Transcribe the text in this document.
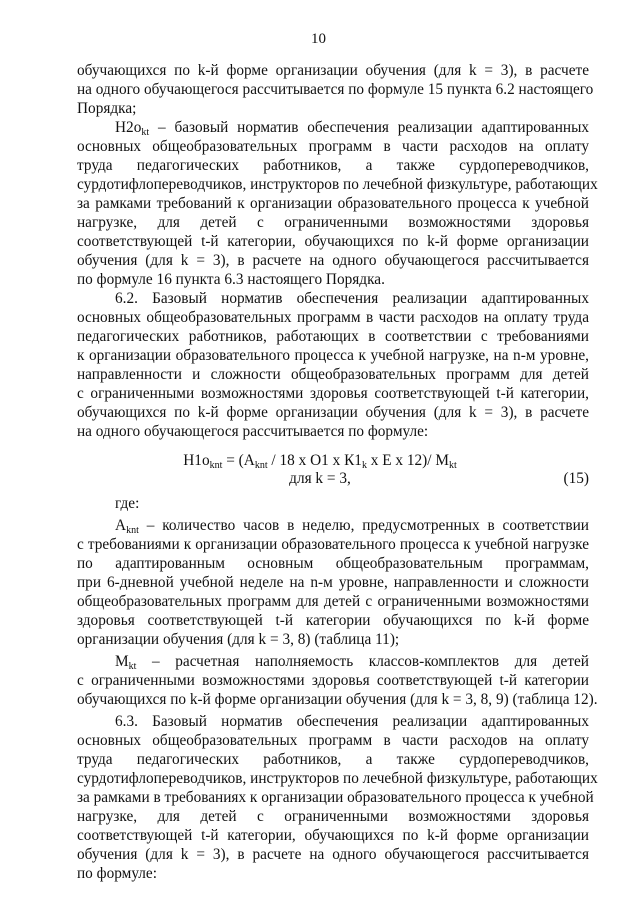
10
обучающихся по k-й форме организации обучения (для k = 3), в расчете
на одного обучающегося рассчитывается по формуле 15 пункта 6.2 настоящего
Порядка;
$Н2о_{kt}$ – базовый норматив обеспечения реализации адаптированных
основных общеобразовательных программ в части расходов на оплату
труда педагогических работников, а также сурдопереводчиков,
сурдотифлопереводчиков, инструкторов по лечебной физкультуре, работающих
за рамками требований к организации образовательного процесса к учебной
нагрузке, для детей с ограниченными возможностями здоровья
соответствующей t-й категории, обучающихся по k-й форме организации
обучения (для k = 3), в расчете на одного обучающегося рассчитывается
по формуле 16 пункта 6.3 настоящего Порядка.
6.2. Базовый норматив обеспечения реализации адаптированных
основных общеобразовательных программ в части расходов на оплату труда
педагогических работников, работающих в соответствии с требованиями
к организации образовательного процесса к учебной нагрузке, на n-м уровне,
направленности и сложности общеобразовательных программ для детей
с ограниченными возможностями здоровья соответствующей t-й категории,
обучающихся по k-й форме организации обучения (для k = 3), в расчете
на одного обучающегося рассчитывается по формуле:
$Н1о_{knt} = (А_{knt} / 18$ х О1 х $К1_k$ х Е х 12)/ $М_{kt}$
для k = 3,	(15)
где:
$А_{knt}$ – количество часов в неделю, предусмотренных в соответствии
с требованиями к организации образовательного процесса к учебной нагрузке
по адаптированным основным общеобразовательным программам,
при 6-дневной учебной неделе на n-м уровне, направленности и сложности
общеобразовательных программ для детей с ограниченными возможностями
здоровья соответствующей t-й категории обучающихся по k-й форме
организации обучения (для k = 3, 8) (таблица 11);
$М_{kt}$ – расчетная наполняемость классов-комплектов для детей
с ограниченными возможностями здоровья соответствующей t-й категории
обучающихся по k-й форме организации обучения (для k = 3, 8, 9) (таблица 12).
6.3. Базовый норматив обеспечения реализации адаптированных
основных общеобразовательных программ в части расходов на оплату
труда педагогических работников, а также сурдопереводчиков,
сурдотифлопереводчиков, инструкторов по лечебной физкультуре, работающих
за рамками в требованиях к организации образовательного процесса к учебной
нагрузке, для детей с ограниченными возможностями здоровья
соответствующей t-й категории, обучающихся по k-й форме организации
обучения (для k = 3), в расчете на одного обучающегося рассчитывается
по формуле:
